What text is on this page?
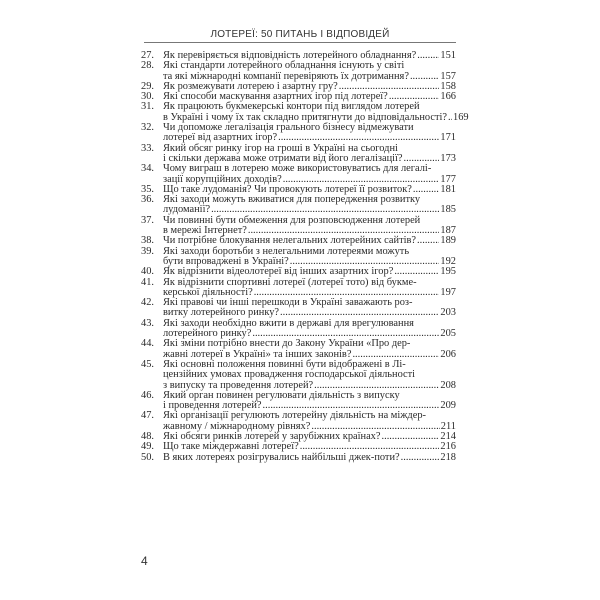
ЛОТЕРЕЇ: 50 ПИТАНЬ І ВІДПОВІДЕЙ
27. Як перевіряється відповідність лотерейного обладнання? ..... 151
28. Які стандарти лотерейного обладнання існують у світі
та які міжнародні компанії перевіряють їх дотримання? .....	157
29. Як розмежувати лотерею і азартну гру? .....	158
30. Які способи маскування азартних ігор під лотереї? .....	166
31. Як працюють букмекерські контори під виглядом лотерей
в Україні і чому їх так складно притягнути до відповідальності? ..... 169
32. Чи допоможе легалізація грального бізнесу відмежувати
лотереї від азартних ігор? .....	171
33. Який обсяг ринку ігор на гроші в Україні на сьогодні
і скільки держава може отримати від його легалізації? .....	173
34. Чому виграш в лотерею може використовуватись для легалі-
зації корупційних доходів? .....	177
35. Що таке лудоманія? Чи провокують лотереї її розвиток? .....	181
36. Які заходи можуть вживатися для попередження розвитку
лудоманії? .....	185
37. Чи повинні бути обмеження для розповсюдження лотерей
в мережі Інтернет? .....	187
38. Чи потрібне блокування нелегальних лотерейних сайтів? ..... 189
39. Які заходи боротьби з нелегальними лотереями можуть
бути впроваджені в Україні? .....	192
40. Як відрізнити відеолотереї від інших азартних ігор? .....	195
41. Як відрізнити спортивні лотереї (лотереї тото) від букме-
керської діяльності? .....	197
42. Які правові чи інші перешкоди в Україні заважають роз-
витку лотерейного ринку? .....	203
43. Які заходи необхідно вжити в державі для врегулювання
лотерейного ринку? .....	205
44. Які зміни потрібно внести до Закону України «Про дер-
жавні лотереї в Україні» та інших законів? .....	206
45. Які основні положення повинні бути відображені в Лі-
цензійних умовах провадження господарської діяльності
з випуску та проведення лотерей? .....	208
46. Який орган повинен регулювати діяльність з випуску
і проведення лотерей? .....	209
47. Які організації регулюють лотерейну діяльність на міждер-
жавному / міжнародному рівнях? .....	211
48. Які обсяги ринків лотерей у зарубіжних країнах? .....	214
49. Що таке міждержавні лотереї? .....	216
50. В яких лотереях розігрувались найбільші джек-поти? .....	218
4
